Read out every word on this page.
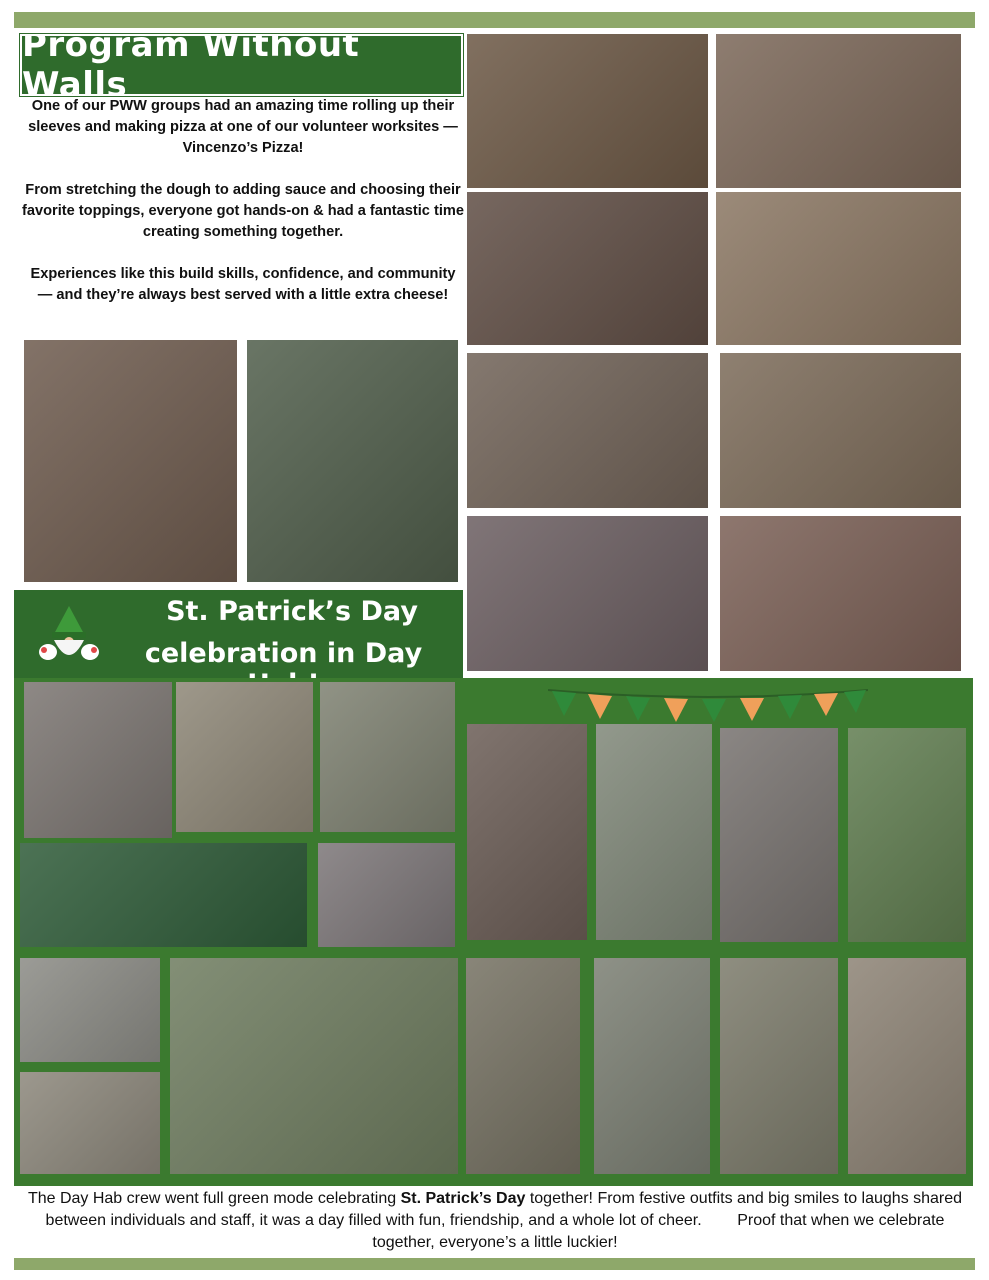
Program Without Walls

One of our PWW groups had an amazing time rolling up their sleeves and making pizza at one of our volunteer worksites — Vincenzo’s Pizza!

From stretching the dough to adding sauce and choosing their favorite toppings, everyone got hands-on & had a fantastic time creating something together.

Experiences like this build skills, confidence, and community — and they’re always best served with a little extra cheese!

St. Patrick’s Day
celebration in Day
The Day Hab crew went full green mode celebrating St. Patrick’s Day together! From festive outfits and big smiles to laughs shared between individuals and staff, it was a day filled with fun, friendship, and a whole lot of cheer.        Proof that when we celebrate together, everyone’s a little luckier!
